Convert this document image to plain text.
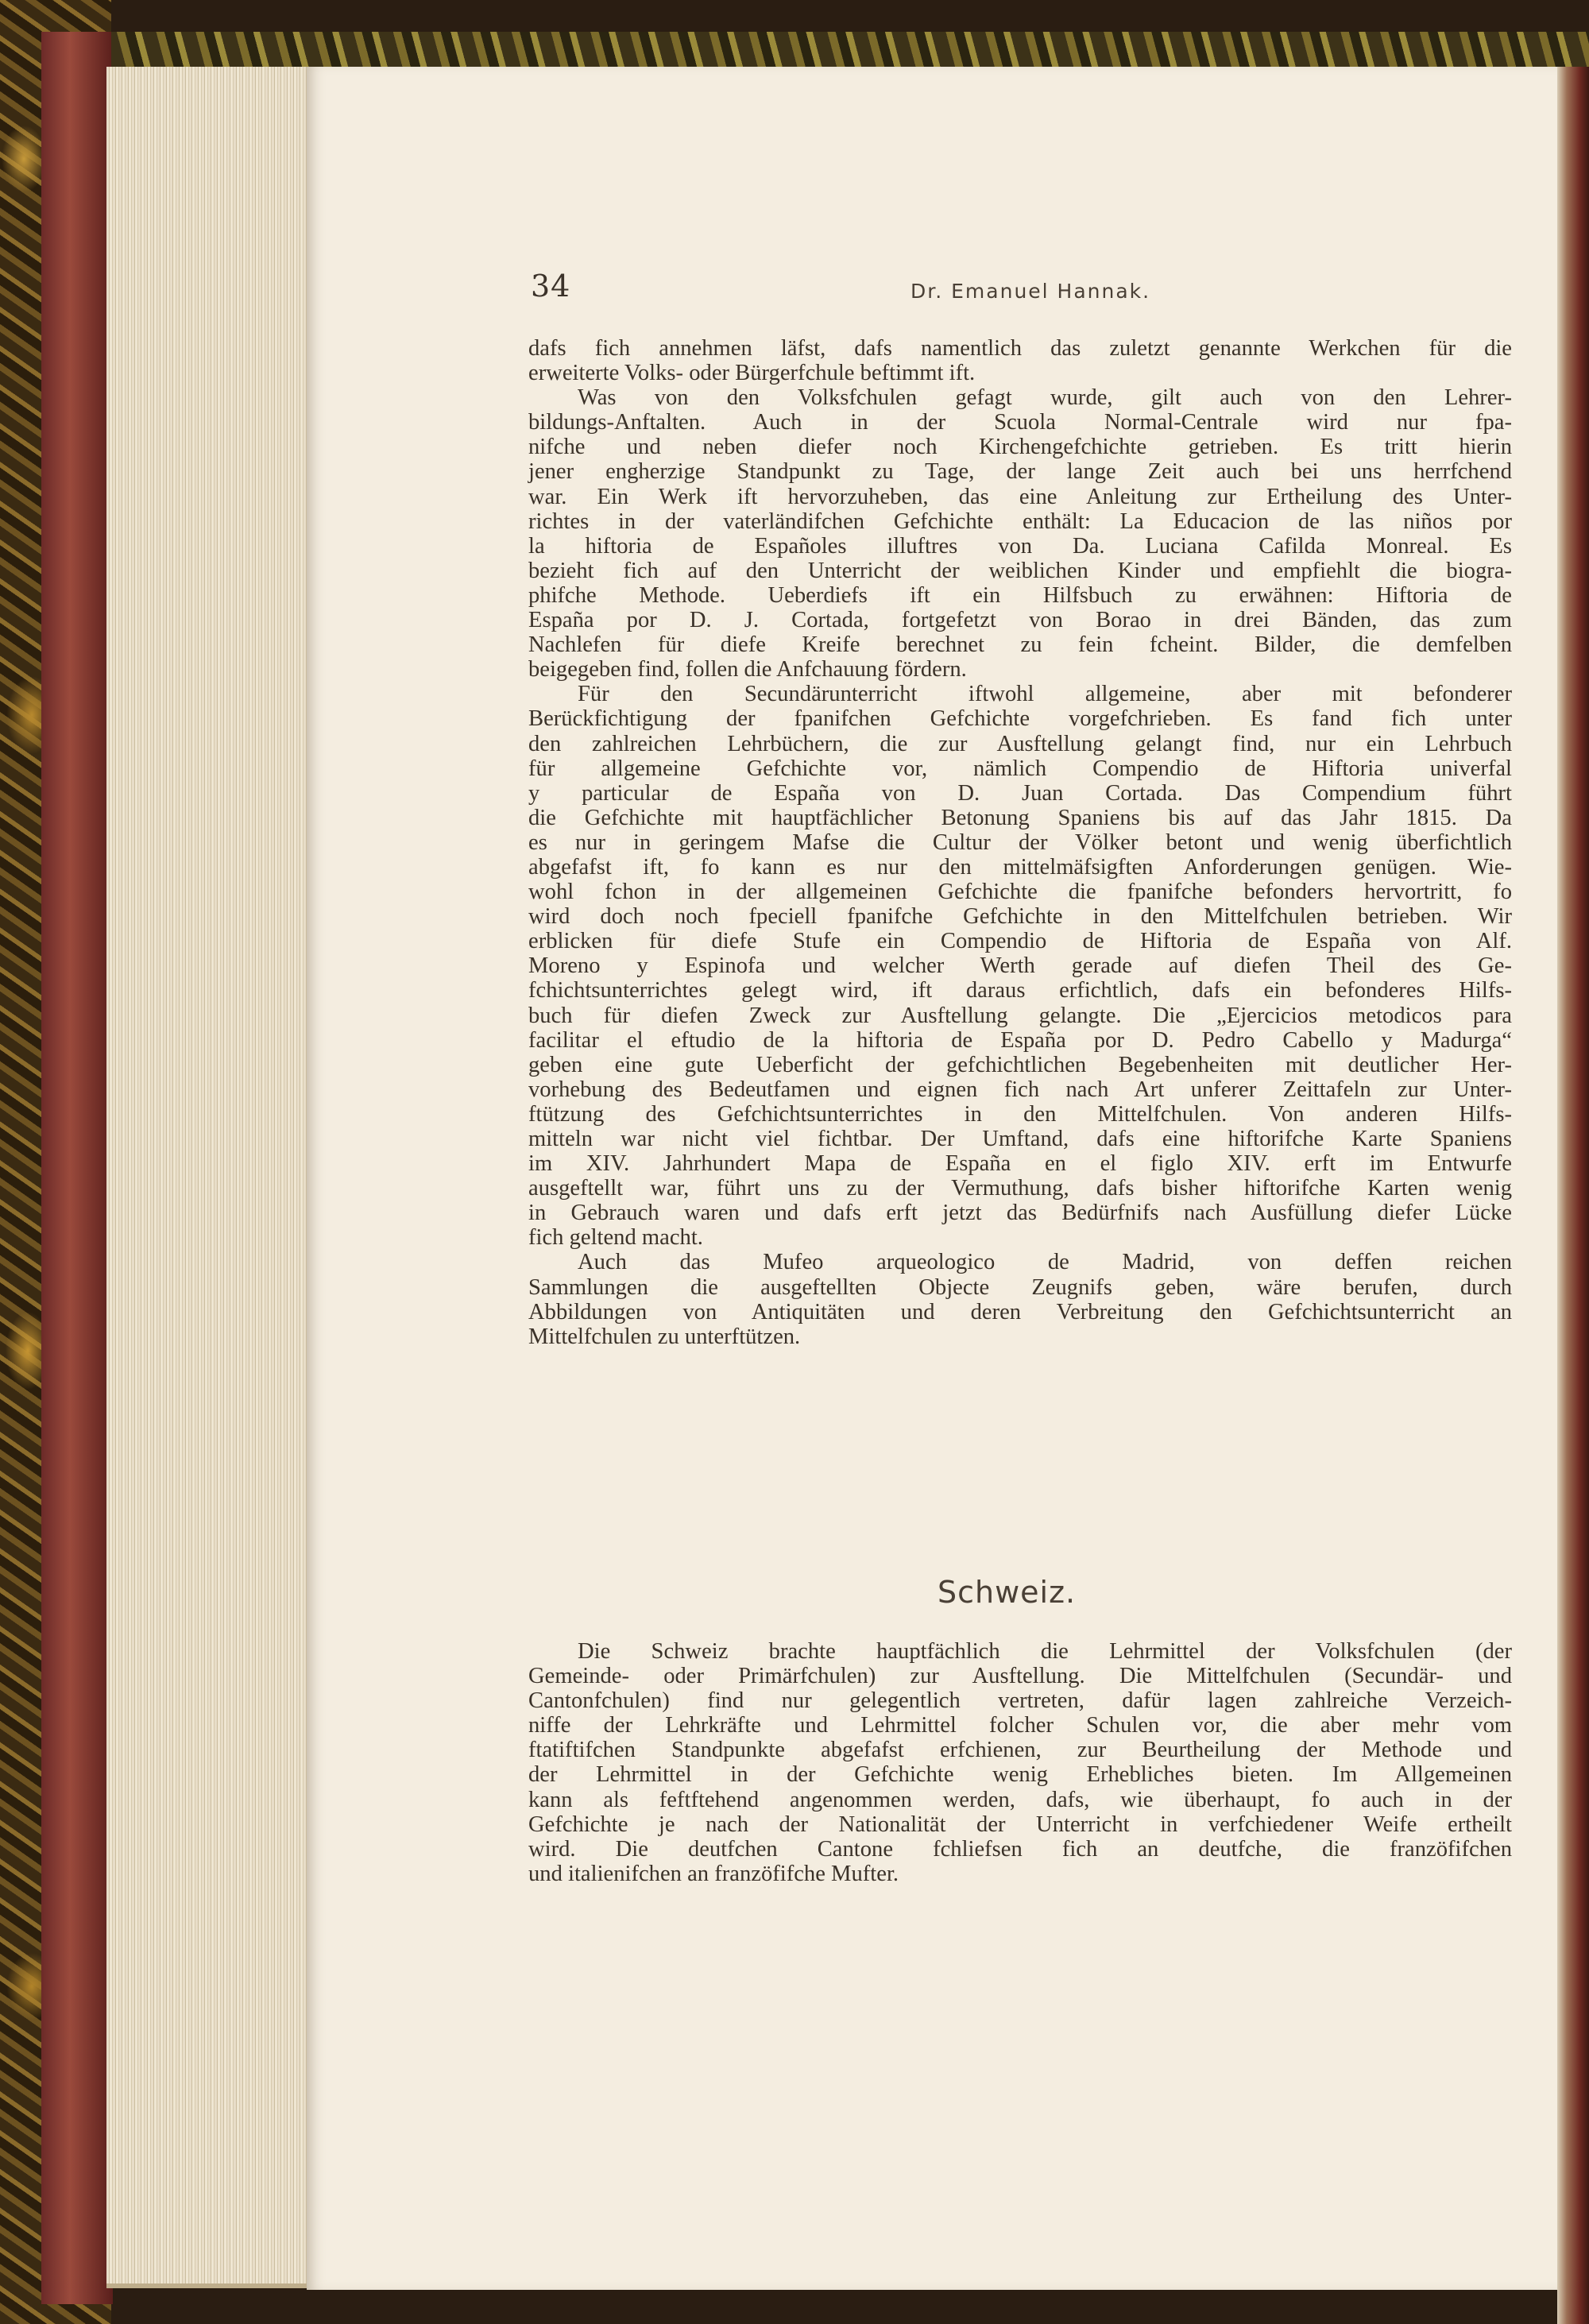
34	Dr. Emanuel Hannak.
dafs fich annehmen läfst, dafs namentlich das zuletzt genannte Werkchen für die
erweiterte Volks- oder Bürgerfchule beftimmt ift.
Was von den Volksfchulen gefagt wurde, gilt auch von den Lehrer-
bildungs-Anftalten. Auch in der Scuola Normal-Centrale wird nur fpa-
nifche und neben diefer noch Kirchengefchichte getrieben. Es tritt hierin
jener engherzige Standpunkt zu Tage, der lange Zeit auch bei uns herrfchend
war. Ein Werk ift hervorzuheben, das eine Anleitung zur Ertheilung des Unter-
richtes in der vaterländifchen Gefchichte enthält: La Educacion de las niños por
la hiftoria de Españoles illuftres von Da. Luciana Cafilda Monreal. Es
bezieht fich auf den Unterricht der weiblichen Kinder und empfiehlt die biogra-
phifche Methode. Ueberdiefs ift ein Hilfsbuch zu erwähnen: Hiftoria de
España por D. J. Cortada, fortgefetzt von Borao in drei Bänden, das zum
Nachlefen für diefe Kreife berechnet zu fein fcheint. Bilder, die demfelben
beigegeben find, follen die Anfchauung fördern.
Für den Secundärunterricht iftwohl allgemeine, aber mit befonderer
Berückfichtigung der fpanifchen Gefchichte vorgefchrieben. Es fand fich unter
den zahlreichen Lehrbüchern, die zur Ausftellung gelangt find, nur ein Lehrbuch
für allgemeine Gefchichte vor, nämlich Compendio de Hiftoria univerfal
y particular de España von D. Juan Cortada. Das Compendium führt
die Gefchichte mit hauptfächlicher Betonung Spaniens bis auf das Jahr 1815. Da
es nur in geringem Mafse die Cultur der Völker betont und wenig überfichtlich
abgefafst ift, fo kann es nur den mittelmäfsigften Anforderungen genügen. Wie-
wohl fchon in der allgemeinen Gefchichte die fpanifche befonders hervortritt, fo
wird doch noch fpeciell fpanifche Gefchichte in den Mittelfchulen betrieben. Wir
erblicken für diefe Stufe ein Compendio de Hiftoria de España von Alf.
Moreno y Espinofa und welcher Werth gerade auf diefen Theil des Ge-
fchichtsunterrichtes gelegt wird, ift daraus erfichtlich, dafs ein befonderes Hilfs-
buch für diefen Zweck zur Ausftellung gelangte. Die „Ejercicios metodicos para
facilitar el eftudio de la hiftoria de España por D. Pedro Cabello y Madurga“
geben eine gute Ueberficht der gefchichtlichen Begebenheiten mit deutlicher Her-
vorhebung des Bedeutfamen und eignen fich nach Art unferer Zeittafeln zur Unter-
ftützung des Gefchichtsunterrichtes in den Mittelfchulen. Von anderen Hilfs-
mitteln war nicht viel fichtbar. Der Umftand, dafs eine hiftorifche Karte Spaniens
im XIV. Jahrhundert Mapa de España en el figlo XIV. erft im Entwurfe
ausgeftellt war, führt uns zu der Vermuthung, dafs bisher hiftorifche Karten wenig
in Gebrauch waren und dafs erft jetzt das Bedürfnifs nach Ausfüllung diefer Lücke
fich geltend macht.
Auch das Mufeo arqueologico de Madrid, von deffen reichen
Sammlungen die ausgeftellten Objecte Zeugnifs geben, wäre berufen, durch
Abbildungen von Antiquitäten und deren Verbreitung den Gefchichtsunterricht an
Mittelfchulen zu unterftützen.
Schweiz.
Die Schweiz brachte hauptfächlich die Lehrmittel der Volksfchulen (der
Gemeinde- oder Primärfchulen) zur Ausftellung. Die Mittelfchulen (Secundär- und
Cantonfchulen) find nur gelegentlich vertreten, dafür lagen zahlreiche Verzeich-
niffe der Lehrkräfte und Lehrmittel folcher Schulen vor, die aber mehr vom
ftatiftifchen Standpunkte abgefafst erfchienen, zur Beurtheilung der Methode und
der Lehrmittel in der Gefchichte wenig Erhebliches bieten. Im Allgemeinen
kann als feftftehend angenommen werden, dafs, wie überhaupt, fo auch in der
Gefchichte je nach der Nationalität der Unterricht in verfchiedener Weife ertheilt
wird. Die deutfchen Cantone fchliefsen fich an deutfche, die franzöfifchen
und italienifchen an franzöfifche Mufter.
